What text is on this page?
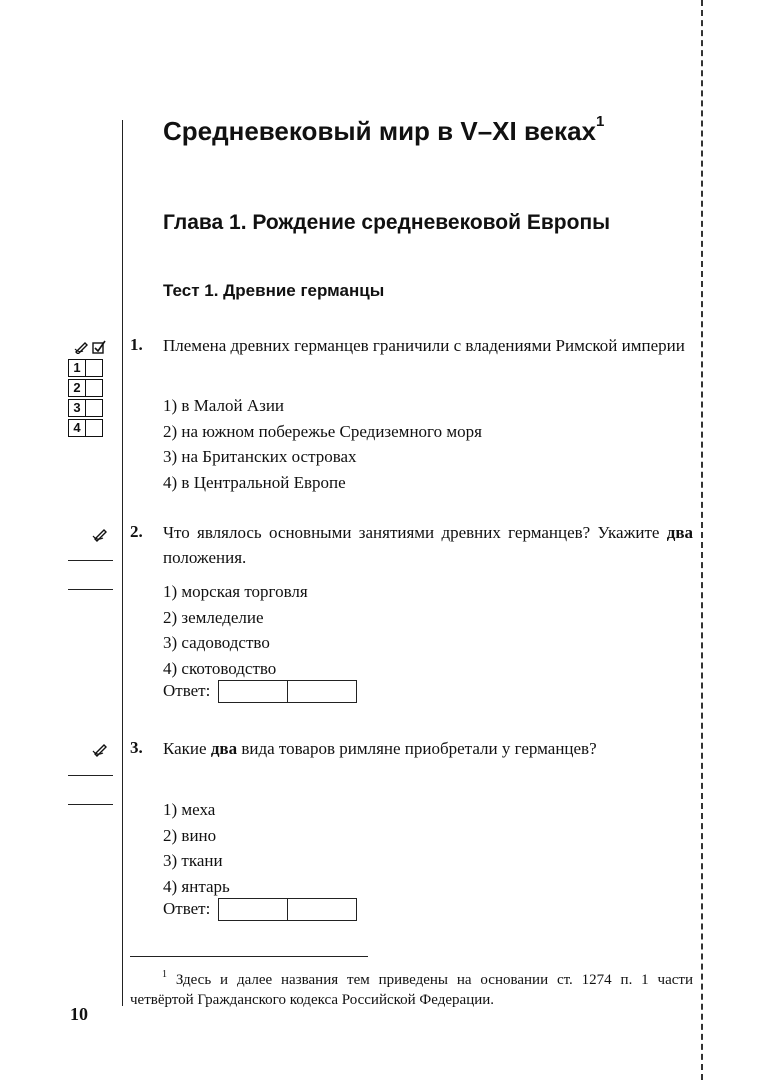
Средневековый мир в V–XI веках$^1$
Глава 1. Рождение средневековой Европы
Тест 1. Древние германцы
1
2
3
4
1. Племена древних германцев граничили с владениями Римской империи
1) в Малой Азии
2) на южном побережье Средиземного моря
3) на Британских островах
4) в Центральной Европе
2. Что являлось основными занятиями древних германцев? Укажите два положения.
1) морская торговля
2) земледелие
3) садоводство
4) скотоводство
Ответ:
3. Какие два вида товаров римляне приобретали у германцев?
1) меха
2) вино
3) ткани
4) янтарь
Ответ:
$^1$ Здесь и далее названия тем приведены на основании ст. 1274 п. 1 части четвёртой Гражданского кодекса Российской Федерации.
10
